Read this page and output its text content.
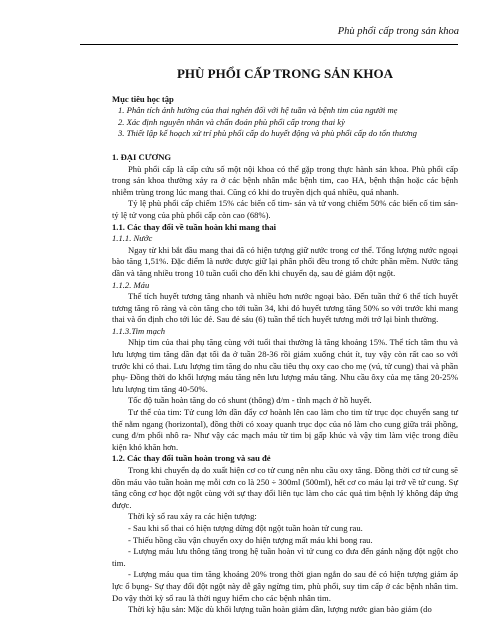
Phù phổi cấp trong sản khoa
PHÙ PHỔI CẤP TRONG SẢN KHOA
Mục tiêu học tập
1. Phân tích ảnh hưởng của thai nghén đối với hệ tuần và bệnh tim của người mẹ
2. Xác định nguyên nhân và chẩn đoán phù phổi cấp trong thai kỳ
3. Thiết lập kế hoạch xử trí phù phổi cấp do huyết động và phù phổi cấp do tổn thương
1. ĐẠI CƯƠNG

Phù phổi cấp là cấp cứu số một nội khoa có thể gặp trong thực hành sản khoa. Phù phổi cấp trong sản khoa thường xảy ra ở các bệnh nhân mắc bệnh tim, cao HA, bệnh thận hoặc các bệnh nhiễm trùng trong lúc mang thai. Cũng có khi do truyền dịch quá nhiều, quá nhanh.

Tỷ lệ phù phổi cấp chiếm 15% các biến cố tim- sản và tử vong chiếm 50% các biến cố tim sản- tỷ lệ tử vong của phù phổi cấp còn cao (68%).

1.1. Các thay đổi về tuần hoàn khi mang thai
1.1.1. Nước

Ngay từ khi bắt đầu mang thai đã có hiện tượng giữ nước trong cơ thể. Tổng lượng nước ngoại bào tăng 1,51%. Đặc điểm là nước được giữ lại phân phối đều trong tổ chức phần mềm. Nước tăng dần và tăng nhiều trong 10 tuần cuối cho đến khi chuyển dạ, sau đẻ giảm đột ngột.

1.1.2. Máu

Thể tích huyết tương tăng nhanh và nhiều hơn nước ngoại bào. Đến tuần thứ 6 thể tích huyết tương tăng rõ ràng và còn tăng cho tới tuần 34, khi đó huyết tương tăng 50% so với trước khi mang thai và ổn định cho tới lúc đẻ. Sau đẻ sáu (6) tuần thể tích huyết tương mới trở lại bình thường.

1.1.3.Tim mạch

Nhịp tim của thai phụ tăng cùng với tuổi thai thường là tăng khoảng 15%. Thể tích tâm thu và lưu lượng tim tăng dần đạt tối đa ở tuần 28-36 rồi giảm xuống chút ít, tuy vậy còn rất cao so với trước khi có thai. Lưu lượng tim tăng do nhu cầu tiêu thụ oxy cao cho mẹ (vú, tử cung) thai và phần phụ- Đồng thời do khối lượng máu tăng nên lưu lượng máu tăng. Nhu cầu ôxy của mẹ tăng 20-25% lưu lượng tim tăng 40-50%.

Tốc độ tuần hoàn tăng do có shunt (thông) đ/m - tĩnh mạch ở hồ huyết.

Tư thế của tim: Tử cung lớn dần đẩy cơ hoành lên cao làm cho tim từ trục dọc chuyển sang tư thế nằm ngang (horizontal), đồng thời có xoay quanh trục dọc của nó làm cho cung giữa trái phồng, cung đ/m phổi nhô ra- Như vậy các mạch máu từ tim bị gấp khúc và vậy tim làm việc trong điều kiện khó khăn hơn.

1.2. Các thay đổi tuần hoàn trong và sau đẻ

Trong khi chuyển dạ do xuất hiện cơ co tử cung nên nhu cầu oxy tăng. Đồng thời cơ tử cung sẽ dồn máu vào tuần hoàn mẹ mỗi cơn co là 250 ÷ 300ml (500ml), hết cơ co máu lại trở về tử cung. Sự tăng công cơ học đột ngột cùng với sự thay đổi liên tục làm cho các quả tim bệnh lý không đáp ứng được.

Thời kỳ sổ rau xảy ra các hiện tượng:

- Sau khi sổ thai có hiện tượng dừng đột ngột tuần hoàn tử cung rau.

- Thiếu hồng cầu vận chuyển oxy do hiện tượng mất máu khi bong rau.

- Lượng máu lưu thông tăng trong hệ tuần hoàn vì tử cung co đưa đến gánh nặng đột ngột cho tim.

- Lượng máu qua tim tăng khoảng 20% trong thời gian ngắn do sau đẻ có hiện tượng giảm áp lực ổ bụng- Sự thay đổi đột ngột này dễ gây ngừng tim, phù phổi, suy tim cấp ở các bệnh nhân tim. Do vậy thời kỳ sổ rau là thời nguy hiểm cho các bệnh nhân tim.

Thời kỳ hậu sản: Mặc dù khối lượng tuần hoàn giảm dần, lượng nước gian bào giảm (do
